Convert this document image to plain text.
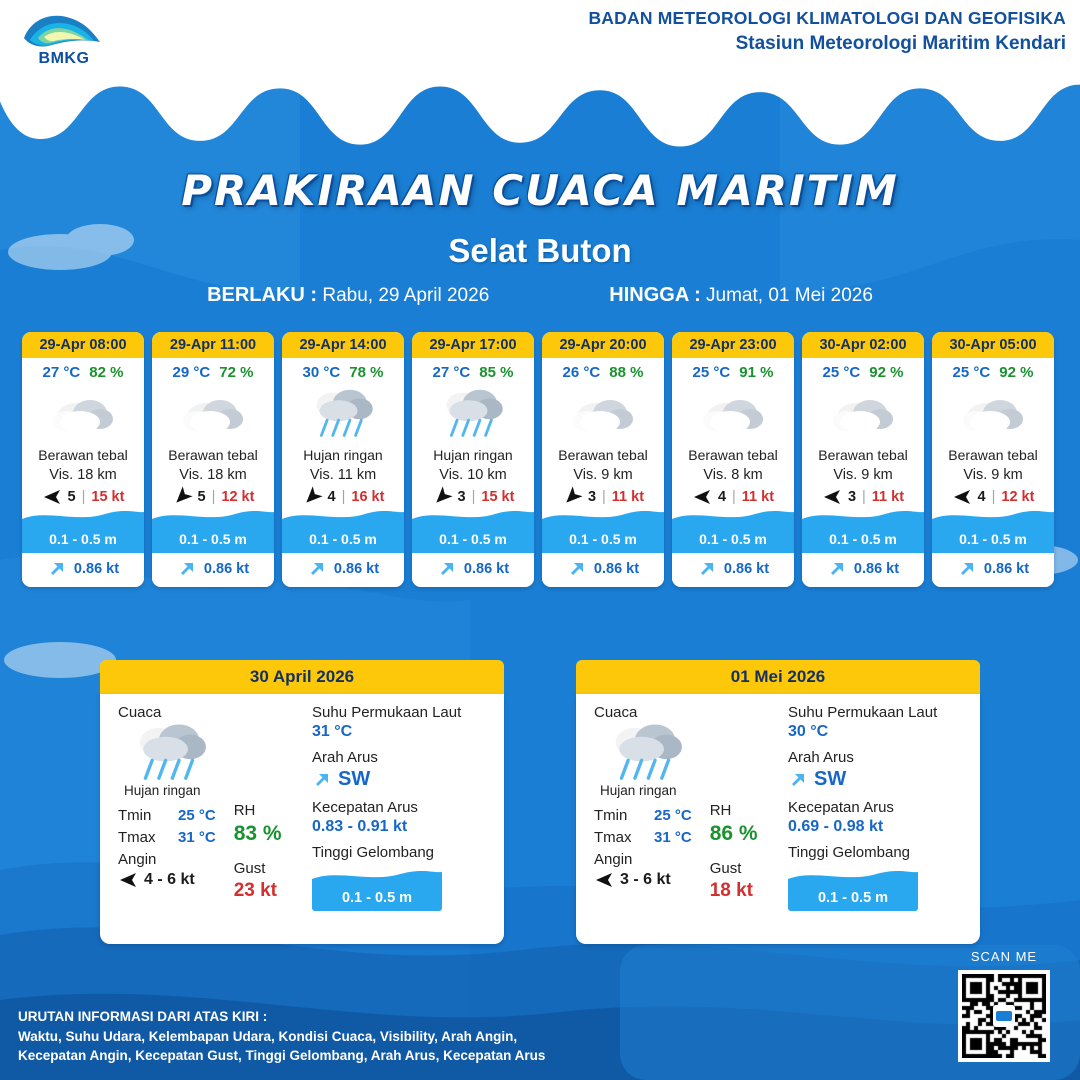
BMKG
BADAN METEOROLOGI KLIMATOLOGI DAN GEOFISIKA
Stasiun Meteorologi Maritim Kendari
PRAKIRAAN CUACA MARITIM
Selat Buton
BERLAKU : Rabu, 29 April 2026	HINGGA : Jumat, 01 Mei 2026
29-Apr 08:00
27 °C 82 %
Berawan tebal
Vis. 18 km
5 | 15 kt
0.1 - 0.5 m
0.86 kt
29-Apr 11:00
29 °C 72 %
Berawan tebal
Vis. 18 km
5 | 12 kt
0.1 - 0.5 m
0.86 kt
29-Apr 14:00
30 °C 78 %
Hujan ringan
Vis. 11 km
4 | 16 kt
0.1 - 0.5 m
0.86 kt
29-Apr 17:00
27 °C 85 %
Hujan ringan
Vis. 10 km
3 | 15 kt
0.1 - 0.5 m
0.86 kt
29-Apr 20:00
26 °C 88 %
Berawan tebal
Vis. 9 km
3 | 11 kt
0.1 - 0.5 m
0.86 kt
29-Apr 23:00
25 °C 91 %
Berawan tebal
Vis. 8 km
4 | 11 kt
0.1 - 0.5 m
0.86 kt
30-Apr 02:00
25 °C 92 %
Berawan tebal
Vis. 9 km
3 | 11 kt
0.1 - 0.5 m
0.86 kt
30-Apr 05:00
25 °C 92 %
Berawan tebal
Vis. 9 km
4 | 12 kt
0.1 - 0.5 m
0.86 kt
30 April 2026
Cuaca
Hujan ringan
Tmin	25 °C
Tmax	31 °C
Angin
4 - 6 kt
RH
83 %
Gust
23 kt
Suhu Permukaan Laut
31 °C
Arah Arus
SW
Kecepatan Arus
0.83 - 0.91 kt
Tinggi Gelombang
0.1 - 0.5 m
01 Mei 2026
Cuaca
Hujan ringan
Tmin	25 °C
Tmax	31 °C
Angin
3 - 6 kt
RH
86 %
Gust
18 kt
Suhu Permukaan Laut
30 °C
Arah Arus
SW
Kecepatan Arus
0.69 - 0.98 kt
Tinggi Gelombang
0.1 - 0.5 m
URUTAN INFORMASI DARI ATAS KIRI :
Waktu, Suhu Udara, Kelembapan Udara, Kondisi Cuaca, Visibility, Arah Angin,
Kecepatan Angin, Kecepatan Gust, Tinggi Gelombang, Arah Arus, Kecepatan Arus
SCAN ME
